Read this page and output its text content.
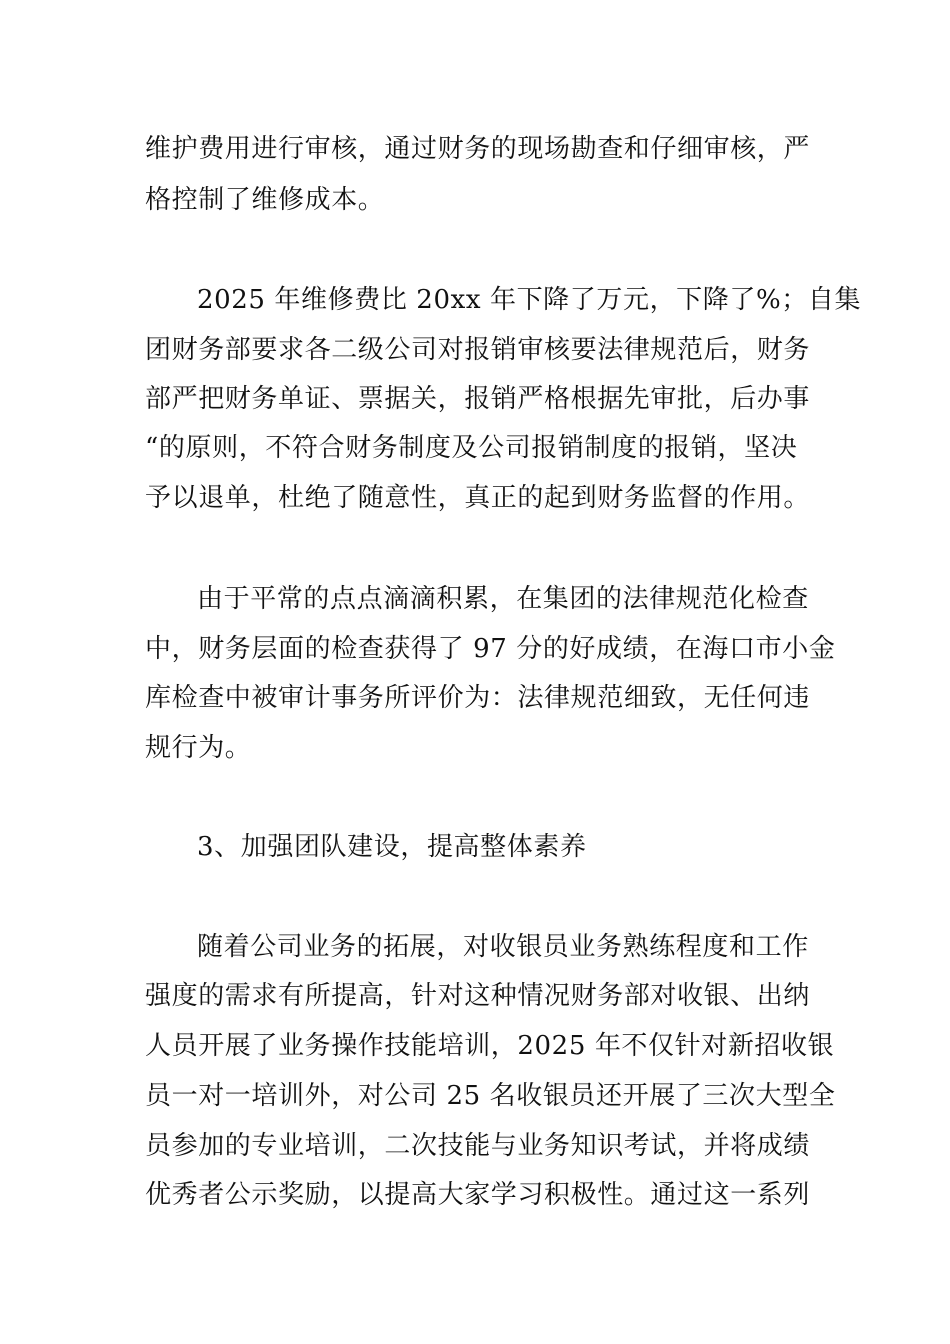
维护费用进行审核，通过财务的现场勘查和仔细审核，严
格控制了维修成本。
2025 年维修费比 20xx 年下降了万元，下降了%；自集
团财务部要求各二级公司对报销审核要法律规范后，财务
部严把财务单证、票据关，报销严格根据先审批，后办事
“的原则，不符合财务制度及公司报销制度的报销，坚决
予以退单，杜绝了随意性，真正的起到财务监督的作用。
由于平常的点点滴滴积累，在集团的法律规范化检查
中，财务层面的检查获得了 97 分的好成绩，在海口市小金
库检查中被审计事务所评价为：法律规范细致，无任何违
规行为。
3、加强团队建设，提高整体素养
随着公司业务的拓展，对收银员业务熟练程度和工作
强度的需求有所提高，针对这种情况财务部对收银、出纳
人员开展了业务操作技能培训，2025 年不仅针对新招收银
员一对一培训外，对公司 25 名收银员还开展了三次大型全
员参加的专业培训，二次技能与业务知识考试，并将成绩
优秀者公示奖励，以提高大家学习积极性。通过这一系列
